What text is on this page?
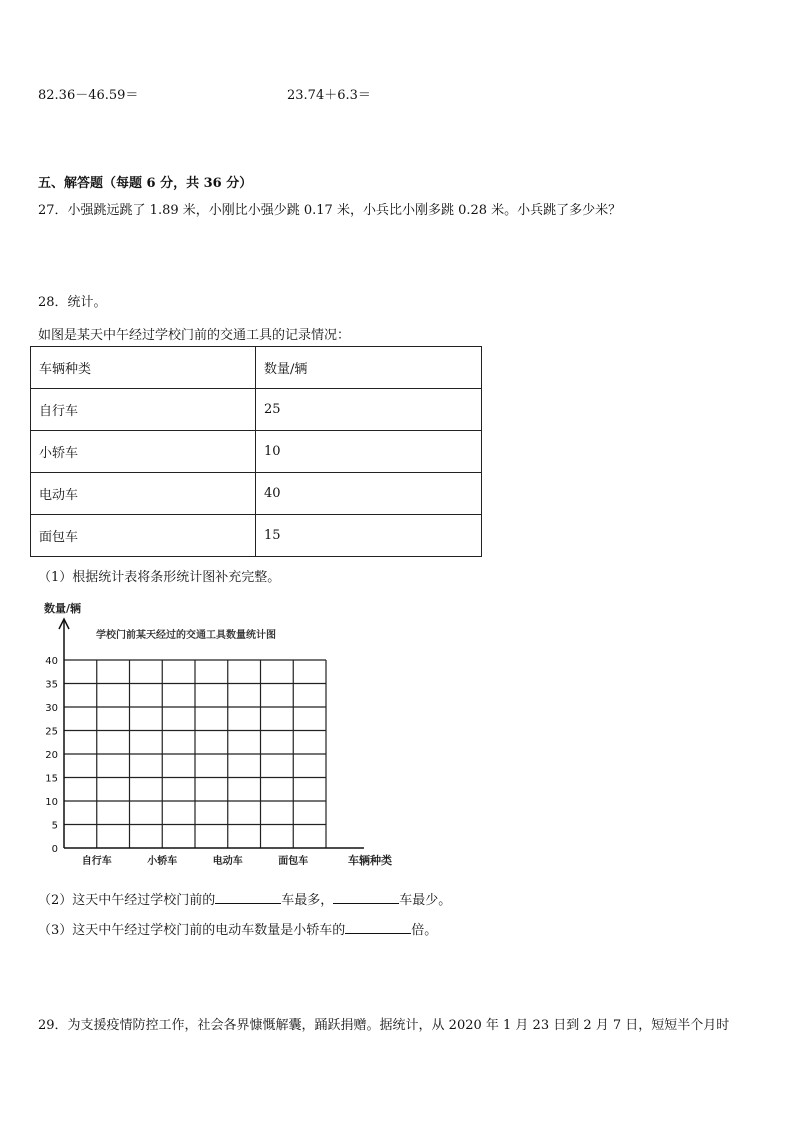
82.36－46.59＝	23.74＋6.3＝
五、解答题（每题 6 分，共 36 分）
27．小强跳远跳了 1.89 米，小刚比小强少跳 0.17 米，小兵比小刚多跳 0.28 米。小兵跳了多少米？
28．统计。
如图是某天中午经过学校门前的交通工具的记录情况：
车辆种类	数量/辆
自行车	25
小轿车	10
电动车	40
面包车	15
（1）根据统计表将条形统计图补充完整。
数量/辆
学校门前某天经过的交通工具数量统计图
车辆种类
0
5
10
15
20
25
30
35
40
自行车	小轿车	电动车	面包车
（2）这天中午经过学校门前的	车最多，	车最少。
（3）这天中午经过学校门前的电动车数量是小轿车的	倍。
29．为支援疫情防控工作，社会各界慷慨解囊，踊跃捐赠。据统计，从 2020 年 1 月 23 日到 2 月 7 日，短短半个月时
